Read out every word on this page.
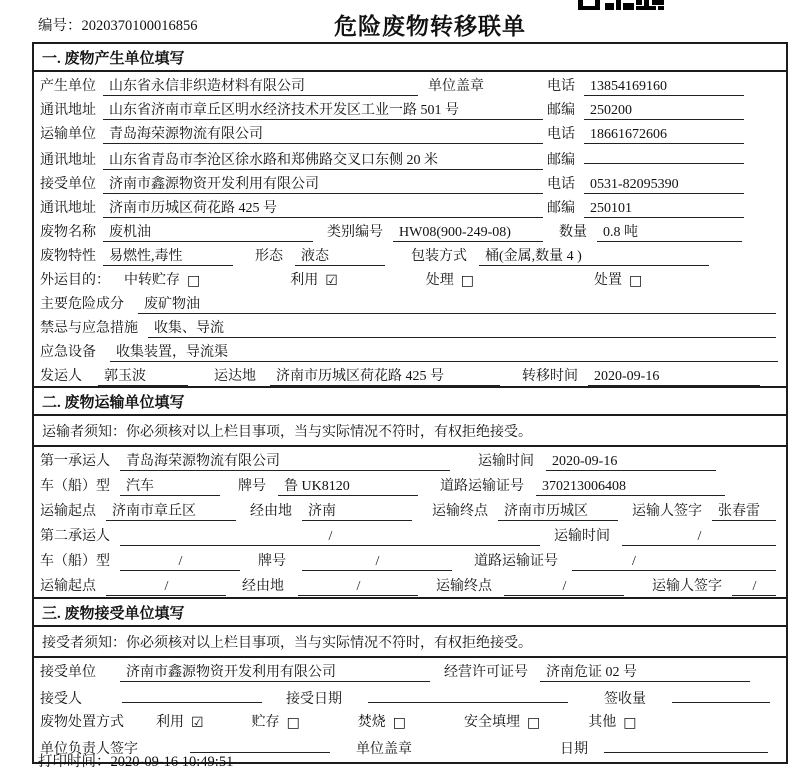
编号：2020370100016856	危险废物转移联单
一. 废物产生单位填写
产生单位 山东省永信非织造材料有限公司	单位盖章	电话	13854169160
通讯地址 山东省济南市章丘区明水经济技术开发区工业一路 501 号	邮编	250200
运输单位 青岛海荣源物流有限公司	电话	18661672606
通讯地址 山东省青岛市李沧区徐水路和郑佛路交叉口东侧 20 米	邮编
接受单位 济南市鑫源物资开发利用有限公司	电话	0531-82095390
通讯地址 济南市历城区荷花路 425 号	邮编	250101
废物名称 废机油	类别编号	HW08(900-249-08)	数量	0.8 吨
废物特性 易燃性,毒性	形态	液态	包装方式	桶(金属,数量 4 )
外运目的： 中转贮存 □	利用 ☑	处理 □	处置 □
主要危险成分	废矿物油
禁忌与应急措施	收集、导流
应急设备	收集装置，导流渠
发运人	郭玉波	运达地	济南市历城区荷花路 425 号	转移时间	2020-09-16
二. 废物运输单位填写
运输者须知：你必须核对以上栏目事项，当与实际情况不符时，有权拒绝接受。
第一承运人	青岛海荣源物流有限公司	运输时间	2020-09-16
车（船）型	汽车	牌号	鲁 UK8120	道路运输证号	370213006408
运输起点	济南市章丘区	经由地	济南	运输终点	济南市历城区	运输人签字	张春雷
第二承运人	/	运输时间	/
车（船）型	/	牌号	/	道路运输证号	/
运输起点	/	经由地	/	运输终点	/	运输人签字	/
三. 废物接受单位填写
接受者须知：你必须核对以上栏目事项，当与实际情况不符时，有权拒绝接受。
接受单位	济南市鑫源物资开发利用有限公司	经营许可证号	济南危证 02 号
接受人	接受日期	签收量
废物处置方式 利用 ☑	贮存 □	焚烧 □	安全填埋 □	其他 □
单位负责人签字	单位盖章	日期
打印时间：2020-09-16 10:49:51
